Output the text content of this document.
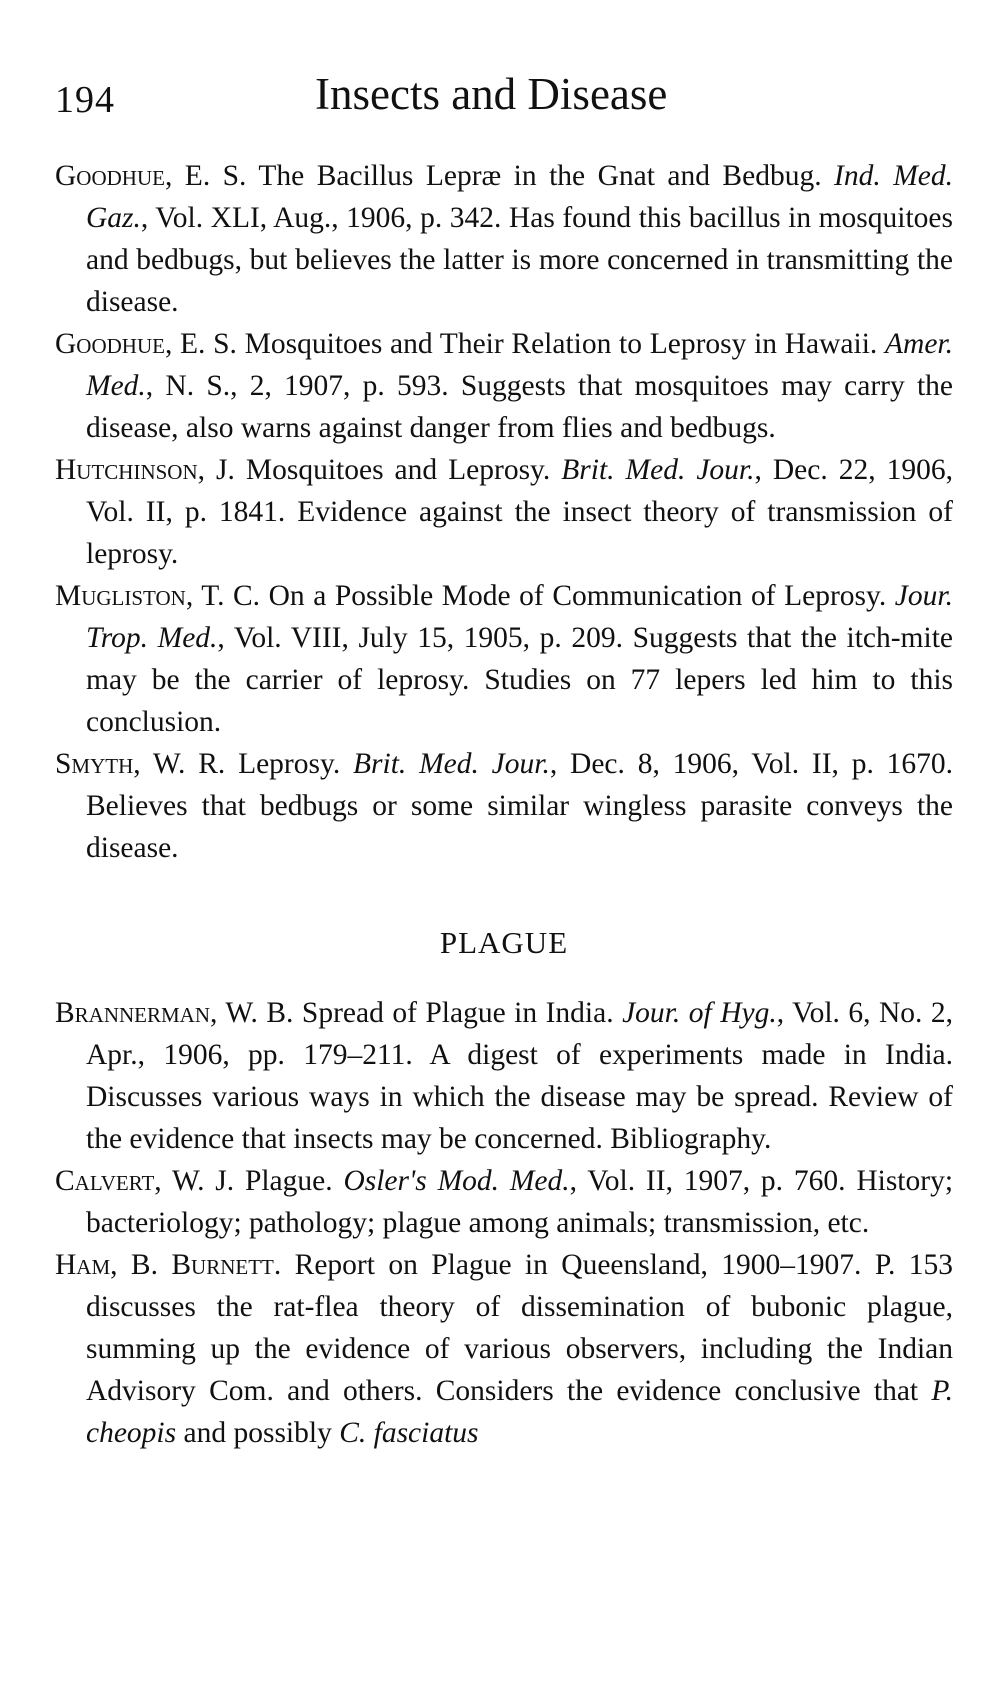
194	Insects and Disease

Goodhue, E. S. The Bacillus Lepræ in the Gnat and Bedbug. Ind. Med. Gaz., Vol. XLI, Aug., 1906, p. 342. Has found this bacillus in mosquitoes and bedbugs, but believes the latter is more concerned in transmitting the disease.

Goodhue, E. S. Mosquitoes and Their Relation to Leprosy in Hawaii. Amer. Med., N. S., 2, 1907, p. 593. Suggests that mosquitoes may carry the disease, also warns against danger from flies and bedbugs.

Hutchinson, J. Mosquitoes and Leprosy. Brit. Med. Jour., Dec. 22, 1906, Vol. II, p. 1841. Evidence against the insect theory of transmission of leprosy.

Mugliston, T. C. On a Possible Mode of Communication of Leprosy. Jour. Trop. Med., Vol. VIII, July 15, 1905, p. 209. Suggests that the itch-mite may be the carrier of leprosy. Studies on 77 lepers led him to this conclusion.

Smyth, W. R. Leprosy. Brit. Med. Jour., Dec. 8, 1906, Vol. II, p. 1670. Believes that bedbugs or some similar wingless parasite conveys the disease.

PLAGUE

Brannerman, W. B. Spread of Plague in India. Jour. of Hyg., Vol. 6, No. 2, Apr., 1906, pp. 179–211. A digest of experiments made in India. Discusses various ways in which the disease may be spread. Review of the evidence that insects may be concerned. Bibliography.

Calvert, W. J. Plague. Osler's Mod. Med., Vol. II, 1907, p. 760. History; bacteriology; pathology; plague among animals; transmission, etc.

Ham, B. Burnett. Report on Plague in Queensland, 1900–1907. P. 153 discusses the rat-flea theory of dissemination of bubonic plague, summing up the evidence of various observers, including the Indian Advisory Com. and others. Considers the evidence conclusive that P. cheopis and possibly C. fasciatus
